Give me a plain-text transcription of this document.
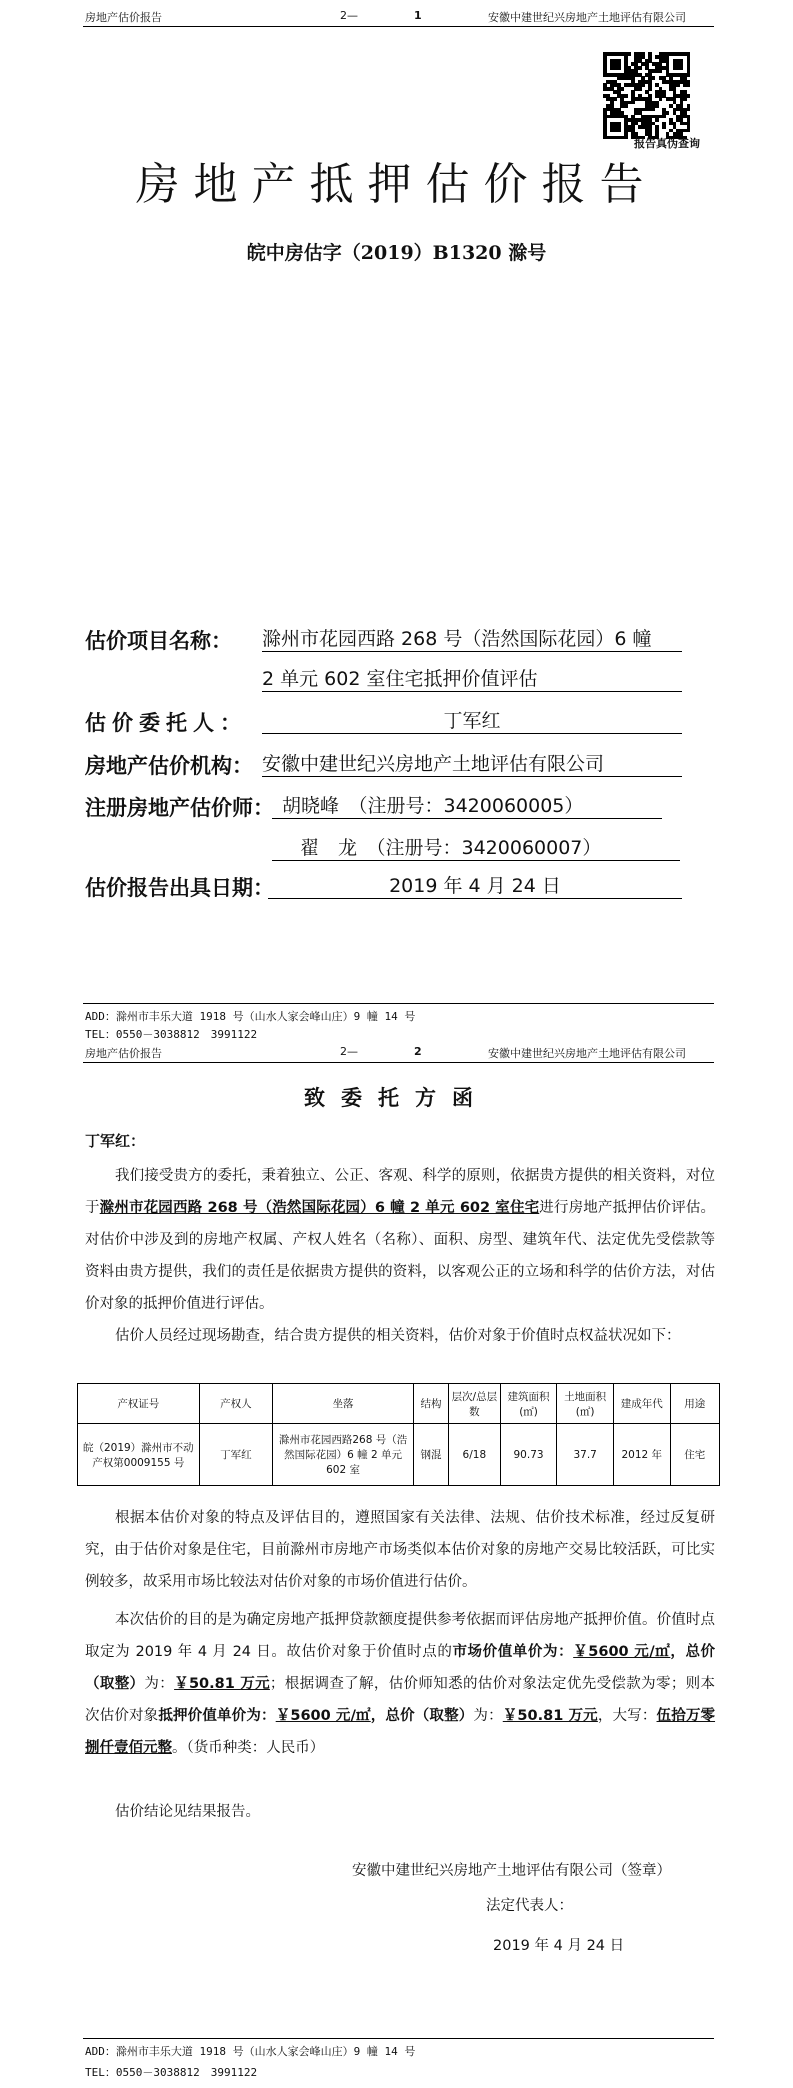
房地产估价报告	2—	1	安徽中建世纪兴房地产土地评估有限公司
报告真伪查询
房地产抵押估价报告
皖中房估字（2019）B1320 滁号
估价项目名称： 滁州市花园西路 268 号（浩然国际花园）6 幢
2 单元 602 室住宅抵押价值评估
估价委托人：	丁军红
房地产估价机构： 安徽中建世纪兴房地产土地评估有限公司
注册房地产估价师： 胡晓峰　（注册号：3420060005）
翟　龙　（注册号：3420060007）
估价报告出具日期：	2019 年 4 月 24 日
ADD：滁州市丰乐大道 1918 号（山水人家会峰山庄）9 幢 14 号
TEL：0550－3038812　3991122
房地产估价报告	2—	2	安徽中建世纪兴房地产土地评估有限公司
致委托方函
丁军红：
我们接受贵方的委托，秉着独立、公正、客观、科学的原则，依据贵方提供的相关资料，对位于滁州市花园西路 268 号（浩然国际花园）6 幢 2 单元 602 室住宅进行房地产抵押估价评估。对估价中涉及到的房地产权属、产权人姓名（名称）、面积、房型、建筑年代、法定优先受偿款等资料由贵方提供，我们的责任是依据贵方提供的资料，以客观公正的立场和科学的估价方法，对估价对象的抵押价值进行评估。
估价人员经过现场勘查，结合贵方提供的相关资料，估价对象于价值时点权益状况如下：
产权证号	产权人	坐落	结构	层次/总层数	建筑面积(㎡)	土地面积(㎡)	建成年代	用途
皖（2019）滁州市不动产权第0009155 号	丁军红	滁州市花园西路268 号（浩然国际花园）6 幢 2 单元 602 室	钢混	6/18	90.73	37.7	2012 年	住宅
根据本估价对象的特点及评估目的，遵照国家有关法律、法规、估价技术标准，经过反复研究，由于估价对象是住宅，目前滁州市房地产市场类似本估价对象的房地产交易比较活跃，可比实例较多，故采用市场比较法对估价对象的市场价值进行估价。
本次估价的目的是为确定房地产抵押贷款额度提供参考依据而评估房地产抵押价值。价值时点取定为 2019 年 4 月 24 日。故估价对象于价值时点的市场价值单价为：￥5600 元/㎡，总价（取整）为：￥50.81 万元；根据调查了解，估价师知悉的估价对象法定优先受偿款为零；则本次估价对象抵押价值单价为：￥5600 元/㎡，总价（取整）为：￥50.81 万元，大写：伍拾万零捌仟壹佰元整。（货币种类：人民币）
估价结论见结果报告。
安徽中建世纪兴房地产土地评估有限公司（签章）
法定代表人：
2019 年 4 月 24 日
ADD：滁州市丰乐大道 1918 号（山水人家会峰山庄）9 幢 14 号
TEL：0550－3038812　3991122
